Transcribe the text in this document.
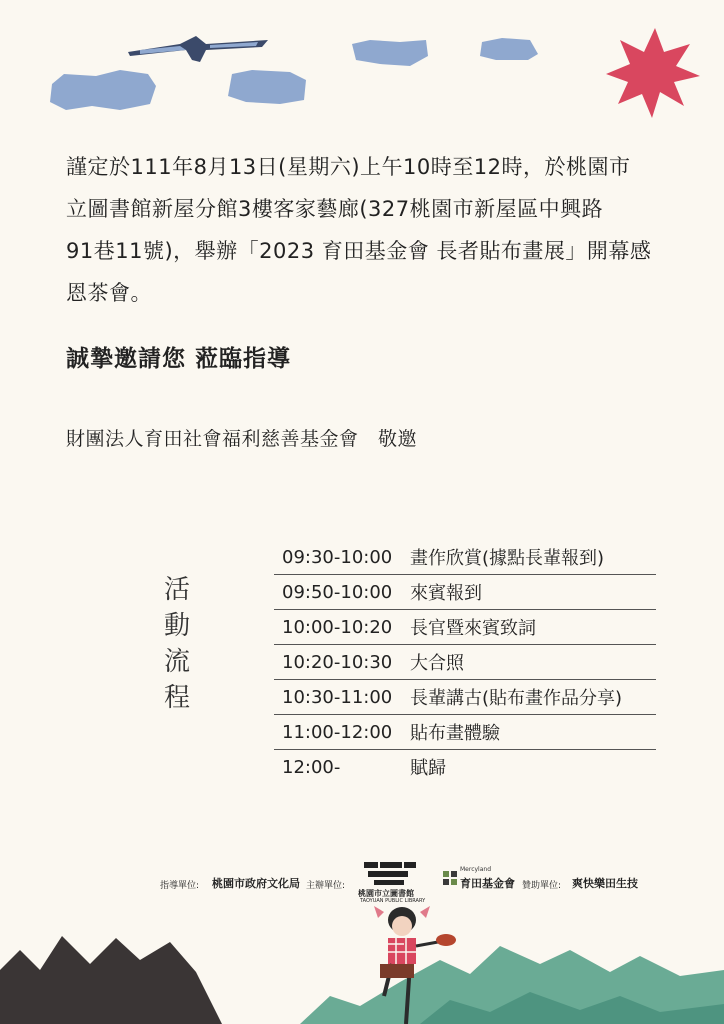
謹定於111年8月13日(星期六)上午10時至12時，於桃園市

立圖書館新屋分館3樓客家藝廊(327桃園市新屋區中興路

91巷11號)，舉辦「2023 育田基金會 長者貼布畫展」開幕感

恩茶會。

誠摯邀請您 蒞臨指導
財團法人育田社會福利慈善基金會　敬邀
活
動
流
程
09:30-10:00 畫作欣賞(據點長輩報到)
09:50-10:00 來賓報到
10:00-10:20 長官暨來賓致詞
10:20-10:30 大合照
10:30-11:00 長輩講古(貼布畫作品分享)
11:00-12:00 貼布畫體驗
12:00-	賦歸
指導單位: 桃園市政府文化局 主辦單位:
桃園市立圖書館
TAOYUAN PUBLIC LIBRARY
Mercyland
育田基金會 贊助單位: 爽快樂田生技
